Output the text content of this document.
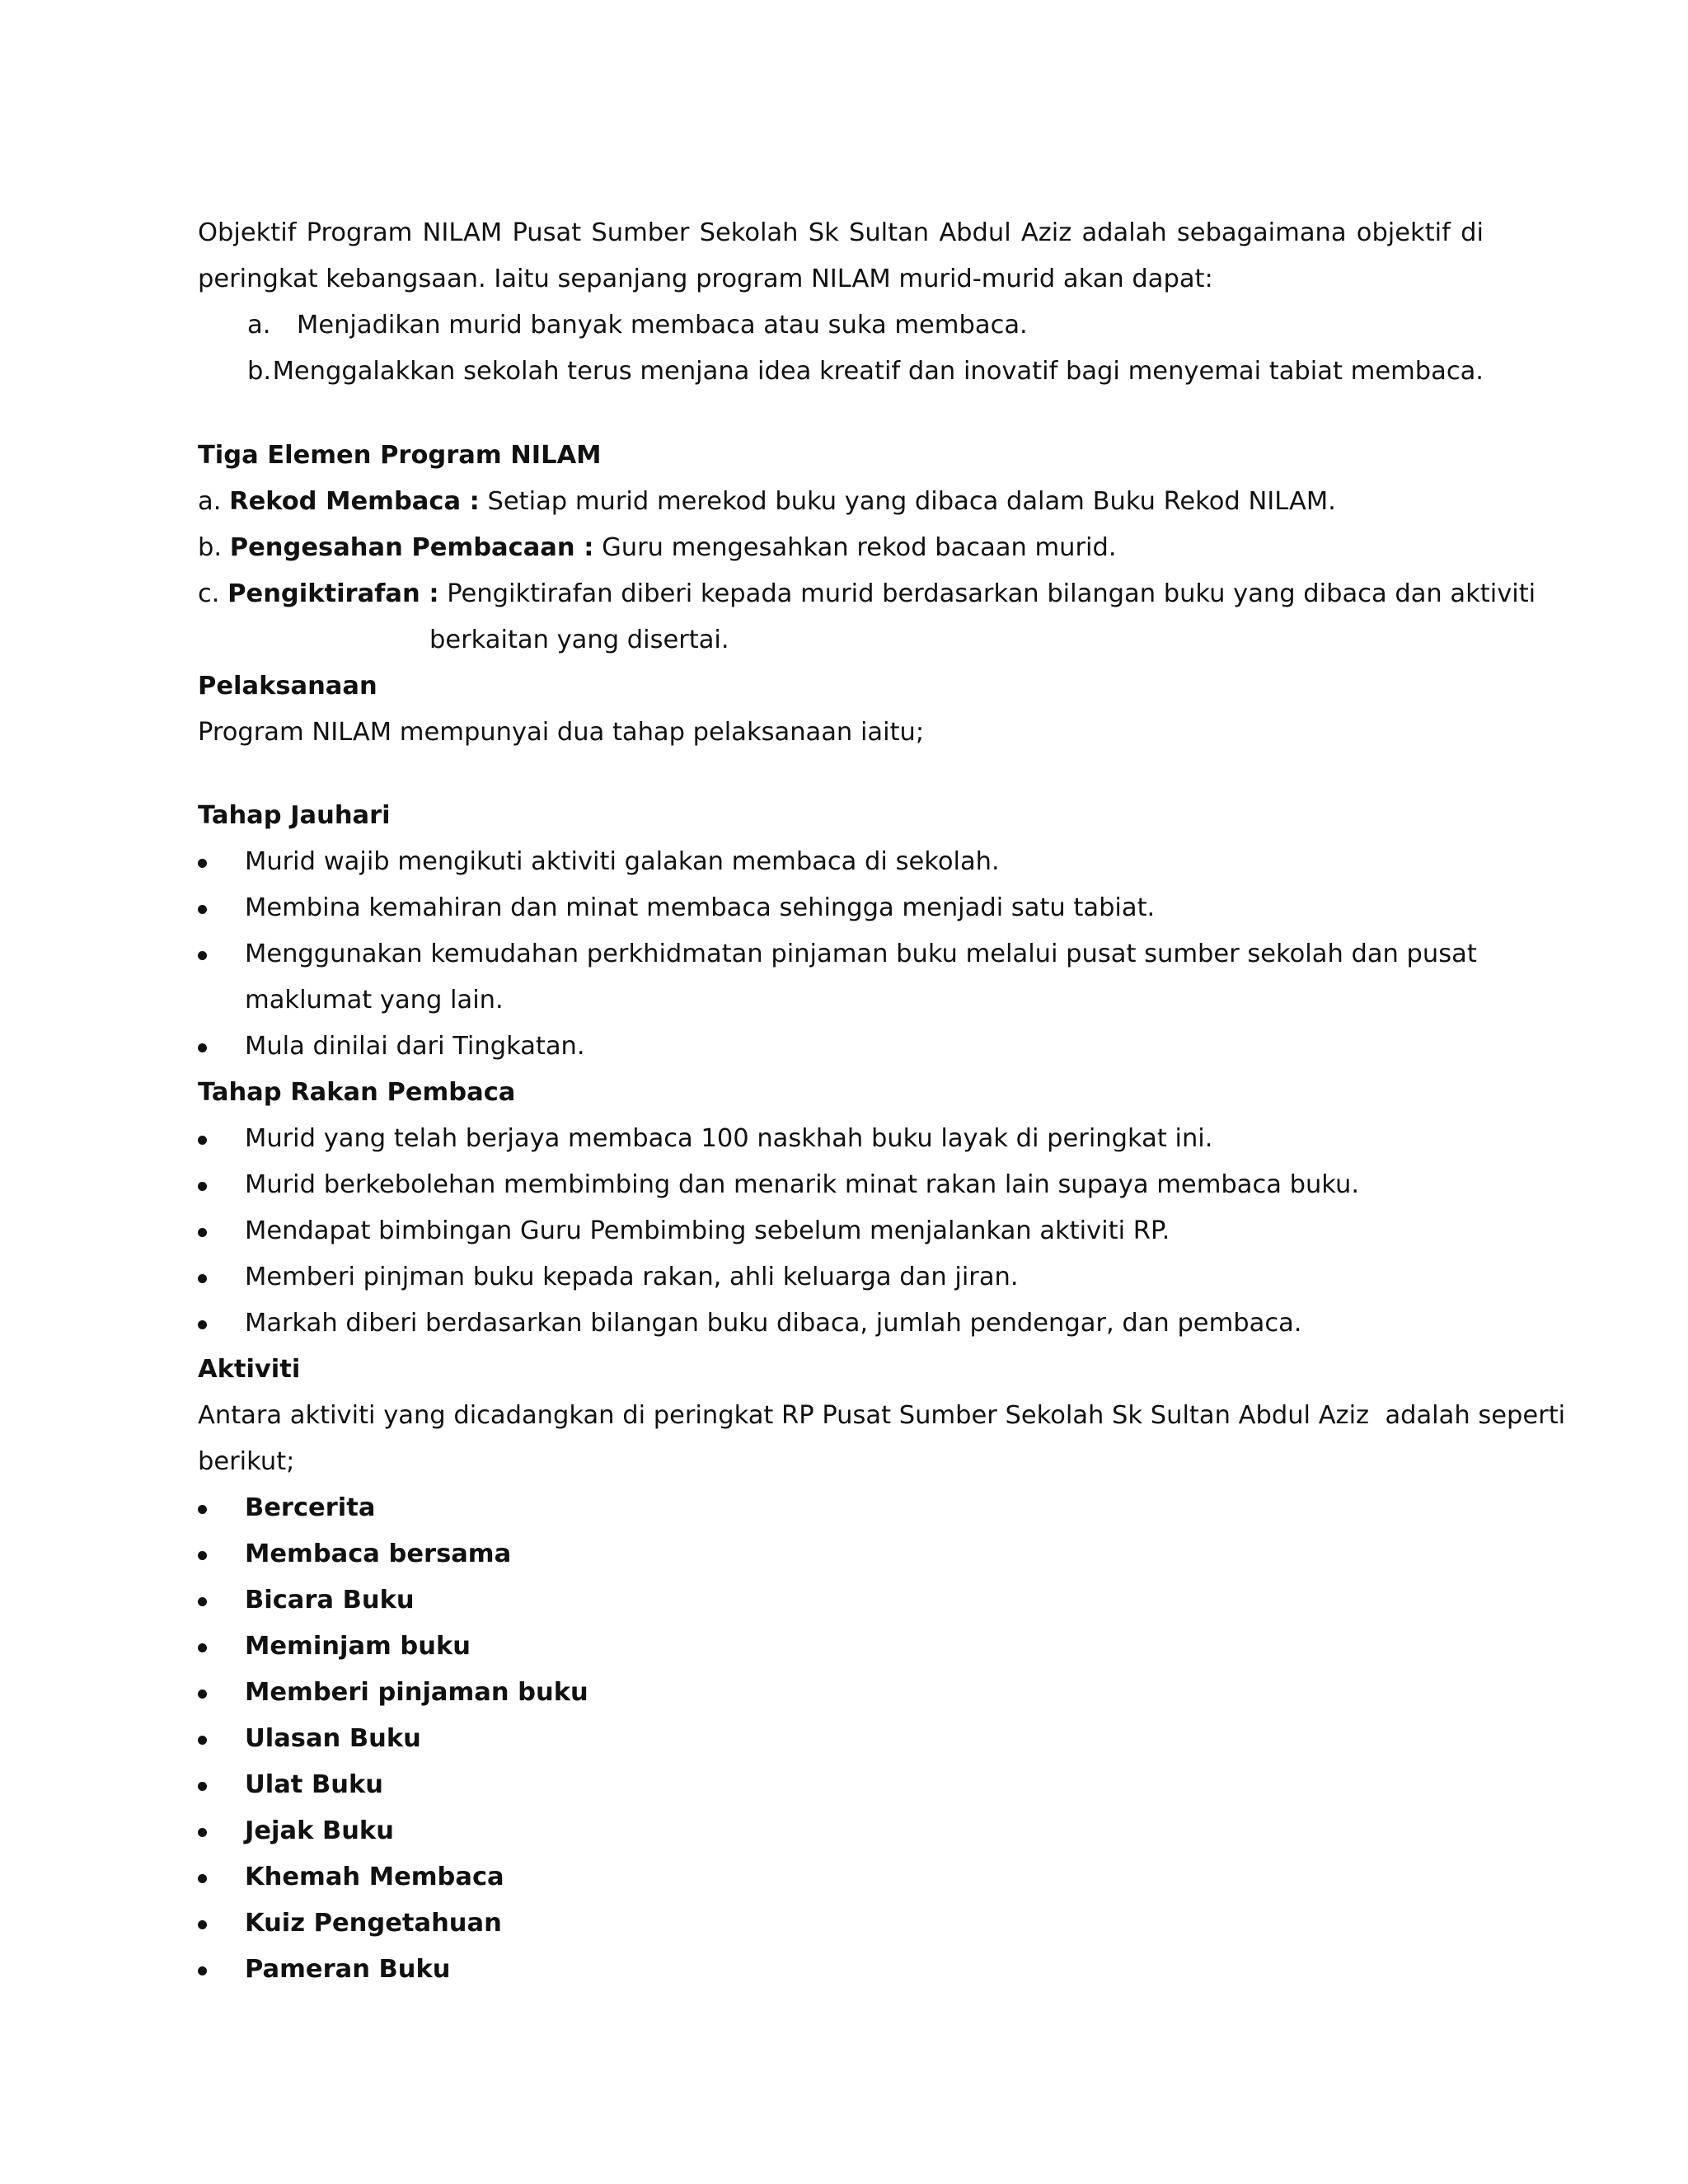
Objektif Program NILAM Pusat Sumber Sekolah Sk Sultan Abdul Aziz adalah sebagaimana objektif di
peringkat kebangsaan. Iaitu sepanjang program NILAM murid-murid akan dapat:
a.	Menjadikan murid banyak membaca atau suka membaca.
b. Menggalakkan sekolah terus menjana idea kreatif dan inovatif bagi menyemai tabiat membaca.
Tiga Elemen Program NILAM
a. Rekod Membaca : Setiap murid merekod buku yang dibaca dalam Buku Rekod NILAM.
b. Pengesahan Pembacaan : Guru mengesahkan rekod bacaan murid.
c. Pengiktirafan : Pengiktirafan diberi kepada murid berdasarkan bilangan buku yang dibaca dan aktiviti
berkaitan yang disertai.
Pelaksanaan
Program NILAM mempunyai dua tahap pelaksanaan iaitu;
Tahap Jauhari
Murid wajib mengikuti aktiviti galakan membaca di sekolah.
Membina kemahiran dan minat membaca sehingga menjadi satu tabiat.
Menggunakan kemudahan perkhidmatan pinjaman buku melalui pusat sumber sekolah dan pusat
maklumat yang lain.
Mula dinilai dari Tingkatan.
Tahap Rakan Pembaca
Murid yang telah berjaya membaca 100 naskhah buku layak di peringkat ini.
Murid berkebolehan membimbing dan menarik minat rakan lain supaya membaca buku.
Mendapat bimbingan Guru Pembimbing sebelum menjalankan aktiviti RP.
Memberi pinjman buku kepada rakan, ahli keluarga dan jiran.
Markah diberi berdasarkan bilangan buku dibaca, jumlah pendengar, dan pembaca.
Aktiviti
Antara aktiviti yang dicadangkan di peringkat RP Pusat Sumber Sekolah Sk Sultan Abdul Aziz  adalah seperti
berikut;
Bercerita
Membaca bersama
Bicara Buku
Meminjam buku
Memberi pinjaman buku
Ulasan Buku
Ulat Buku
Jejak Buku
Khemah Membaca
Kuiz Pengetahuan
Pameran Buku
